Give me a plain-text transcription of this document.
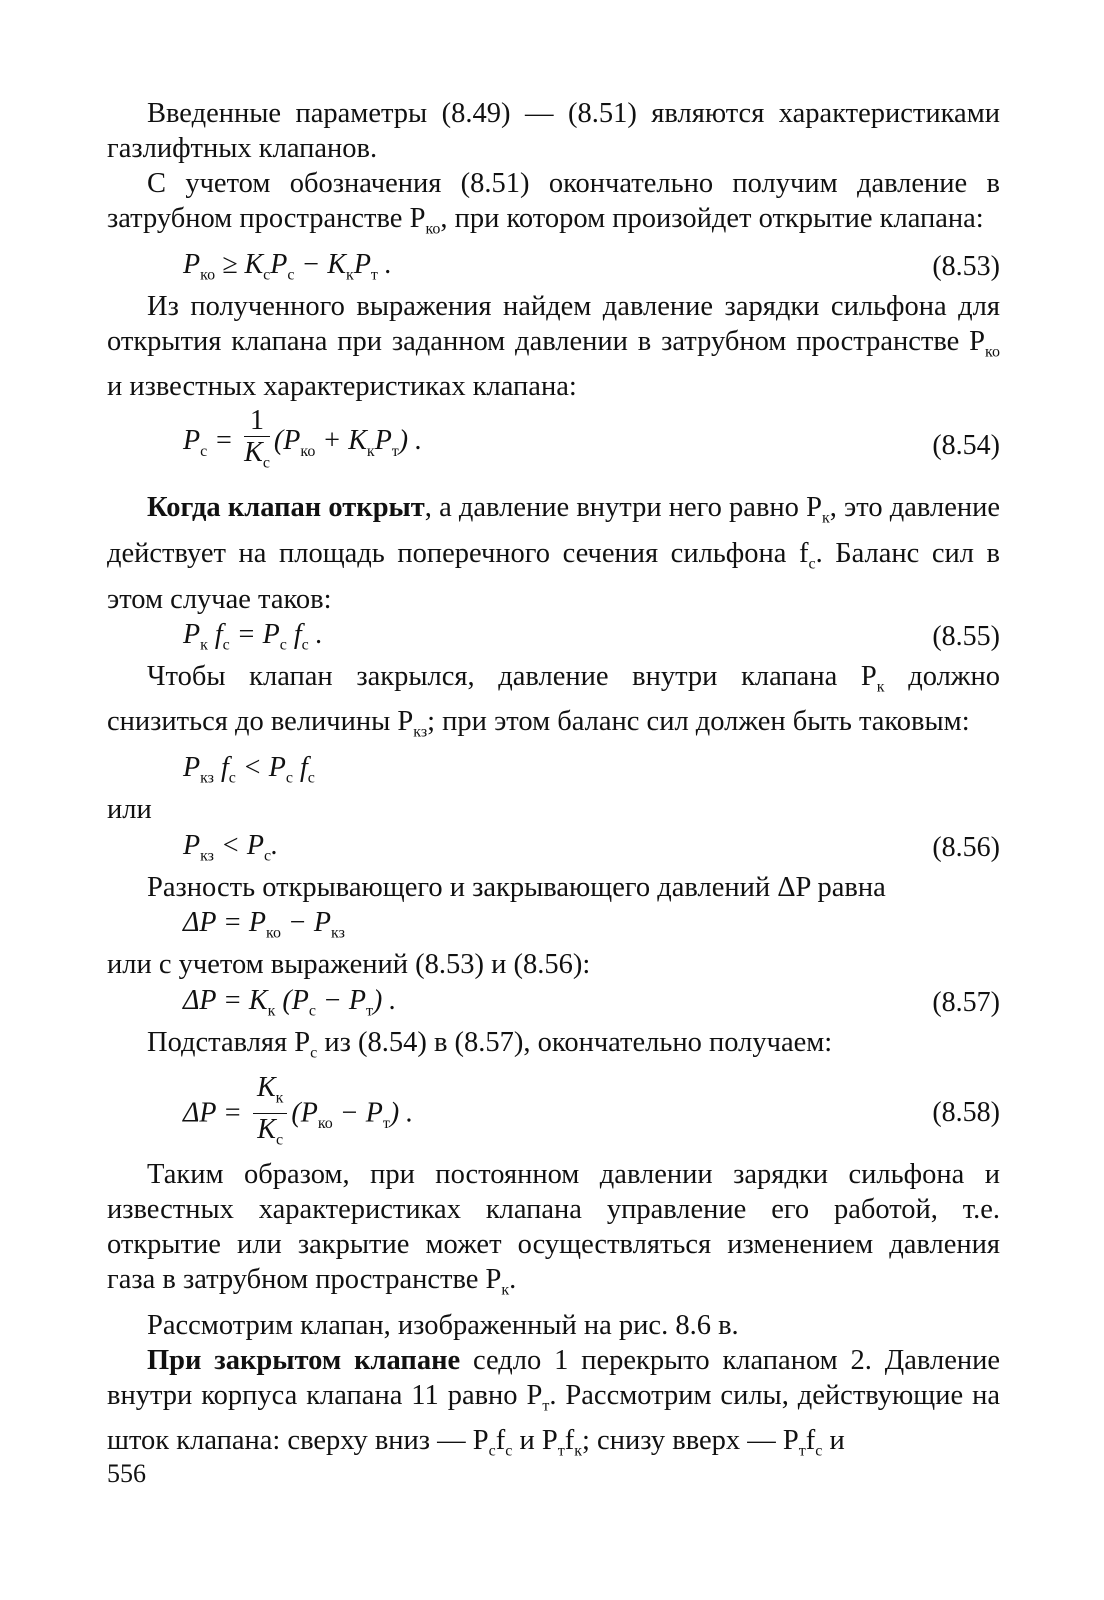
Введенные параметры (8.49) — (8.51) являются характеристиками газлифтных клапанов.

С учетом обозначения (8.51) окончательно получим давление в затрубном пространстве $P_{ко}$, при котором произойдет открытие клапана:

$P_{ко} \ge K_сP_с - K_кP_т$ .	(8.53)

Из полученного выражения найдем давление зарядки сильфона для открытия клапана при заданном давлении в затрубном пространстве $P_{ко}$ и известных характеристиках клапана:

$P_с$ =
1
$K_с$
$(P_{ко} + K_кP_т)$ .	(8.54)

Когда клапан открыт, а давление внутри него равно $P_к$, это давление действует на площадь поперечного сечения сильфона $f_с$. Баланс сил в этом случае таков:

$P_к$ $f_с = P_с$ $f_с$ .	(8.55)

Чтобы клапан закрылся, давление внутри клапана $P_к$ должно снизиться до величины $P_{кз}$; при этом баланс сил должен быть таковым:

$P_{кз}$ $f_с < P_с$ $f_с$

или

$P_{кз} < P_с$.	(8.56)

Разность открывающего и закрывающего давлений ΔP равна

$\Delta P = P_{ко} - P_{кз}$

или с учетом выражений (8.53) и (8.56):

$\Delta P = K_к$ $(P_с - P_т)$ .	(8.57)

Подставляя $P_с$ из (8.54) в (8.57), окончательно получаем:

ΔP =
$K_к$
$K_с$
$(P_{ко} - P_т)$ .	(8.58)

Таким образом, при постоянном давлении зарядки сильфона и известных характеристиках клапана управление его работой, т.е. открытие или закрытие может осуществляться изменением давления газа в затрубном пространстве $P_к$.

Рассмотрим клапан, изображенный на рис. 8.6 в.

При закрытом клапане седло 1 перекрыто клапаном 2. Давление внутри корпуса клапана 11 равно $P_т$. Рассмотрим силы, действующие на шток клапана: сверху вниз — $P_сf_с$ и $P_тf_к$; снизу вверх — $P_тf_с$ и

556
